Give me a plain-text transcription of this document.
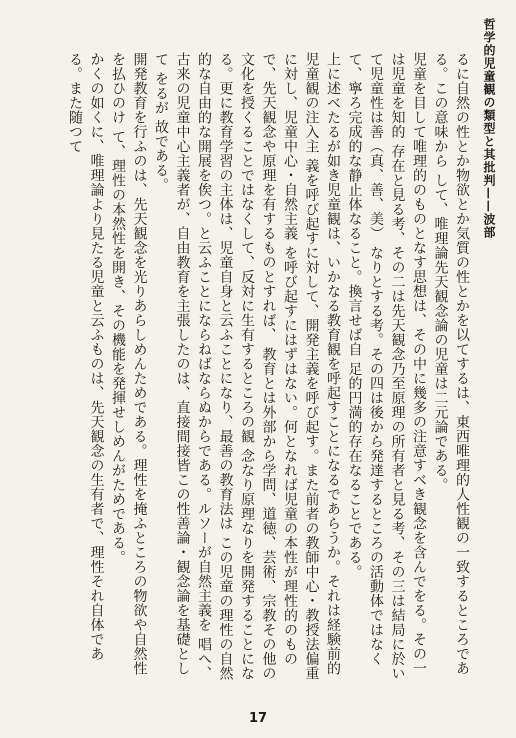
哲学的児童観の類型と其批判——波部

るに自然の性とか物欲とか気質の性とかを以てするは、東西唯理的人性観の一致するところである。この意味から して、唯理論先天観念論の児童は二元論である。

児童を目して唯理的のものとなす思想は、その中に幾多の注意すべき観念を含んでをる。その一は児童を知的 存在と見る考、その二は先天観念乃至原理の所有者と見る考、その三は結局に於いて児童性は善（真、善、美） なりとする考。その四は後から発達するところの活動体ではなくて、寧ろ完成的な静止体なること。換言せば自 足的円満的存在なることである。

上に述べたるが如き児童観は、いかなる教育観を呼起すことになるであらうか。それは経験前的児童観の注入主 義を呼び起すに対して、開発主義を呼び起す。また前者の教師中心・教授法偏重に対し、児童中心・自然主義 を呼び起すにはずはない。何となれば児童の本性が理性的のもので、先天観念や原理を有するものとすれば、 教育とは外部から学問、道徳、芸術、宗教その他の文化を授くることではなくして、反対に生有するところの観 念なり原理なりを開発することになる。更に教育学習の主体は、児童自身と云ふことになり、最善の教育法は この児童の理性の自然的な自由的な開展を俟つ。と云ふことにならねばならぬからである。ルソーが自然主義を 唱へ、古来の児童中心主義者が、自由教育を主張したのは、直接間接皆この性善論・観念論を基礎として をるが 故である。

開発教育を行ふのは、先天観念を光りあらしめんためである。理性を掩ふところの物欲や自然性を払ひのけ て、理性の本然性を開き、その機能を発揮せしめんがためである。

かくの如くに、唯理論より見たる児童と云ふものは、先天観念の生有者で、理性それ自体である。また随つて

17
